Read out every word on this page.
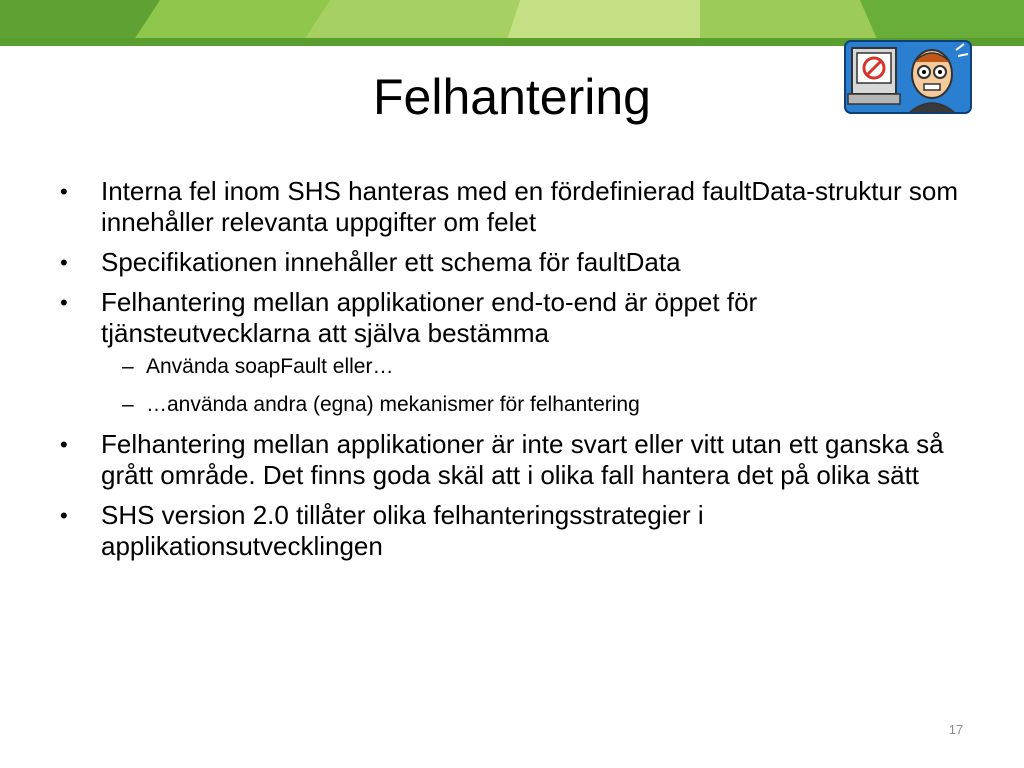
Felhantering
•	Interna fel inom SHS hanteras med en fördefinierad faultData-struktur som innehåller relevanta uppgifter om felet
•	Specifikationen innehåller ett schema för faultData
•	Felhantering mellan applikationer end-to-end är öppet för tjänsteutvecklarna att själva bestämma
– Använda soapFault eller…
– …använda andra (egna) mekanismer för felhantering
•	Felhantering mellan applikationer är inte svart eller vitt utan ett ganska så grått område. Det finns goda skäl att i olika fall hantera det på olika sätt
•	SHS version 2.0 tillåter olika felhanteringsstrategier i applikationsutvecklingen
17
